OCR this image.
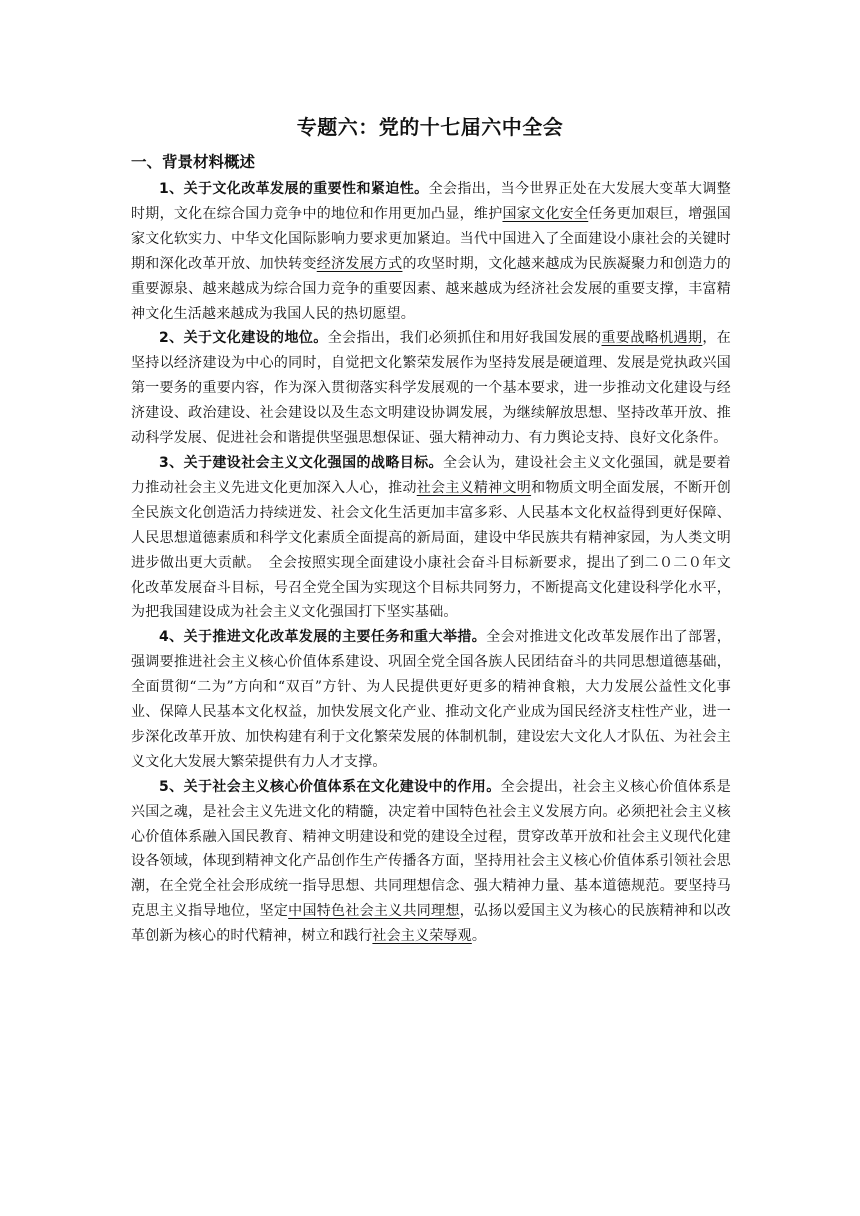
专题六：党的十七届六中全会
一、背景材料概述

1、关于文化改革发展的重要性和紧迫性。全会指出，当今世界正处在大发展大变革大调整时期，文化在综合国力竞争中的地位和作用更加凸显，维护国家文化安全任务更加艰巨，增强国家文化软实力、中华文化国际影响力要求更加紧迫。当代中国进入了全面建设小康社会的关键时期和深化改革开放、加快转变经济发展方式的攻坚时期，文化越来越成为民族凝聚力和创造力的重要源泉、越来越成为综合国力竞争的重要因素、越来越成为经济社会发展的重要支撑，丰富精神文化生活越来越成为我国人民的热切愿望。

2、关于文化建设的地位。全会指出，我们必须抓住和用好我国发展的重要战略机遇期，在坚持以经济建设为中心的同时，自觉把文化繁荣发展作为坚持发展是硬道理、发展是党执政兴国第一要务的重要内容，作为深入贯彻落实科学发展观的一个基本要求，进一步推动文化建设与经济建设、政治建设、社会建设以及生态文明建设协调发展，为继续解放思想、坚持改革开放、推动科学发展、促进社会和谐提供坚强思想保证、强大精神动力、有力舆论支持、良好文化条件。

3、关于建设社会主义文化强国的战略目标。全会认为，建设社会主义文化强国，就是要着力推动社会主义先进文化更加深入人心，推动社会主义精神文明和物质文明全面发展，不断开创全民族文化创造活力持续迸发、社会文化生活更加丰富多彩、人民基本文化权益得到更好保障、人民思想道德素质和科学文化素质全面提高的新局面，建设中华民族共有精神家园，为人类文明进步做出更大贡献。　全会按照实现全面建设小康社会奋斗目标新要求，提出了到二０二０年文化改革发展奋斗目标，号召全党全国为实现这个目标共同努力，不断提高文化建设科学化水平，为把我国建设成为社会主义文化强国打下坚实基础。

4、关于推进文化改革发展的主要任务和重大举措。全会对推进文化改革发展作出了部署，强调要推进社会主义核心价值体系建设、巩固全党全国各族人民团结奋斗的共同思想道德基础，全面贯彻“二为”方向和“双百”方针、为人民提供更好更多的精神食粮，大力发展公益性文化事业、保障人民基本文化权益，加快发展文化产业、推动文化产业成为国民经济支柱性产业，进一步深化改革开放、加快构建有利于文化繁荣发展的体制机制，建设宏大文化人才队伍、为社会主义文化大发展大繁荣提供有力人才支撑。

5、关于社会主义核心价值体系在文化建设中的作用。全会提出，社会主义核心价值体系是兴国之魂，是社会主义先进文化的精髓，决定着中国特色社会主义发展方向。必须把社会主义核心价值体系融入国民教育、精神文明建设和党的建设全过程，贯穿改革开放和社会主义现代化建设各领域，体现到精神文化产品创作生产传播各方面，坚持用社会主义核心价值体系引领社会思潮，在全党全社会形成统一指导思想、共同理想信念、强大精神力量、基本道德规范。要坚持马克思主义指导地位，坚定中国特色社会主义共同理想，弘扬以爱国主义为核心的民族精神和以改革创新为核心的时代精神，树立和践行社会主义荣辱观。
